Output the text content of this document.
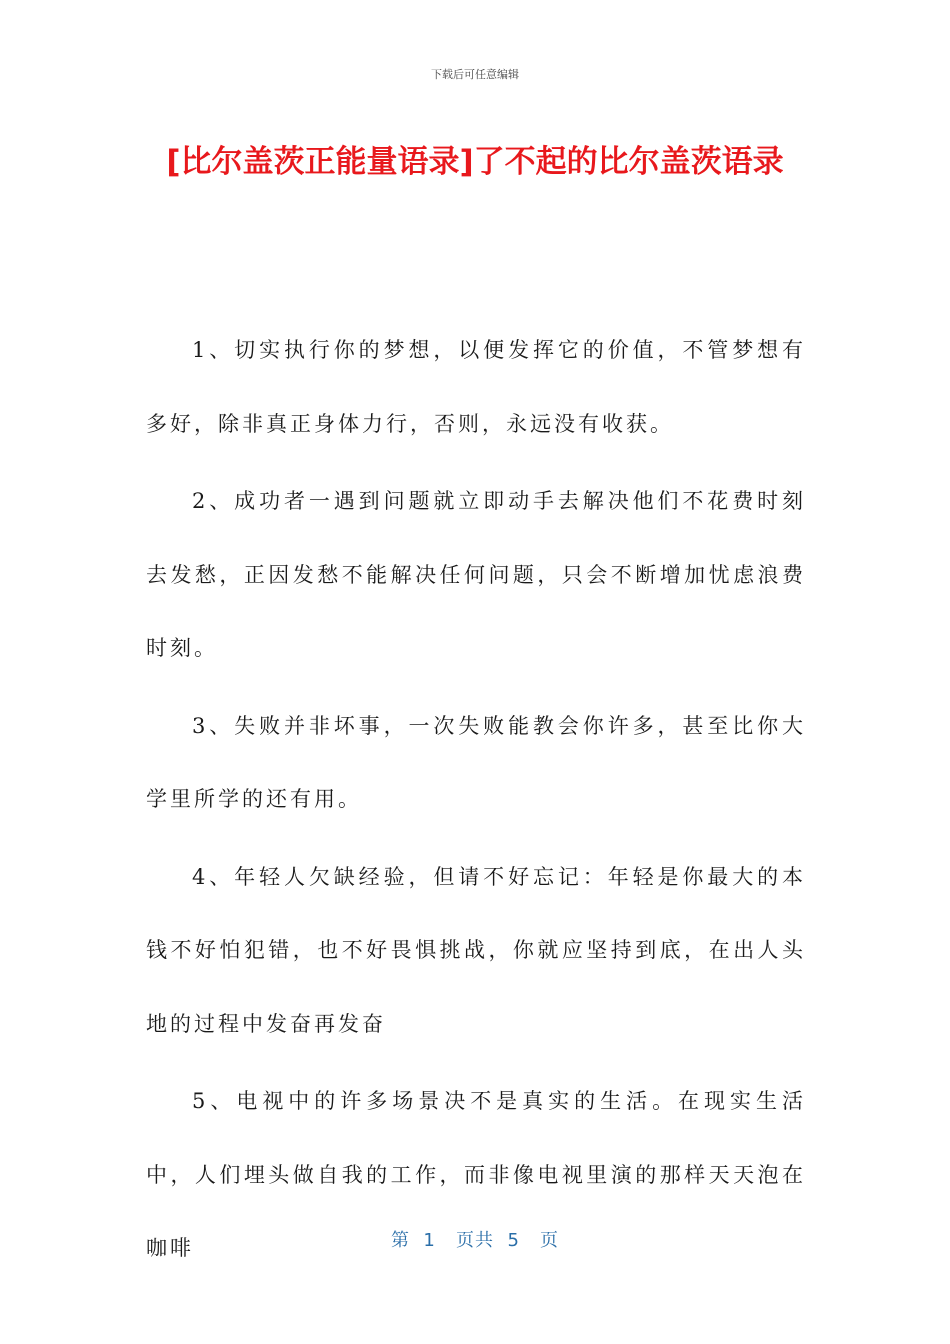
下载后可任意编辑
[比尔盖茨正能量语录]了不起的比尔盖茨语录

1、切实执行你的梦想，以便发挥它的价值，不管梦想有多好，除非真正身体力行，否则，永远没有收获。

2、成功者一遇到问题就立即动手去解决他们不花费时刻去发愁，正因发愁不能解决任何问题，只会不断增加忧虑浪费时刻。

3、失败并非坏事，一次失败能教会你许多，甚至比你大学里所学的还有用。

4、年轻人欠缺经验，但请不好忘记：年轻是你最大的本钱不好怕犯错，也不好畏惧挑战，你就应坚持到底，在出人头地的过程中发奋再发奋

5、电视中的许多场景决不是真实的生活。在现实生活中，人们埋头做自我的工作，而非像电视里演的那样天天泡在咖啡	第  1   页共  5   页
